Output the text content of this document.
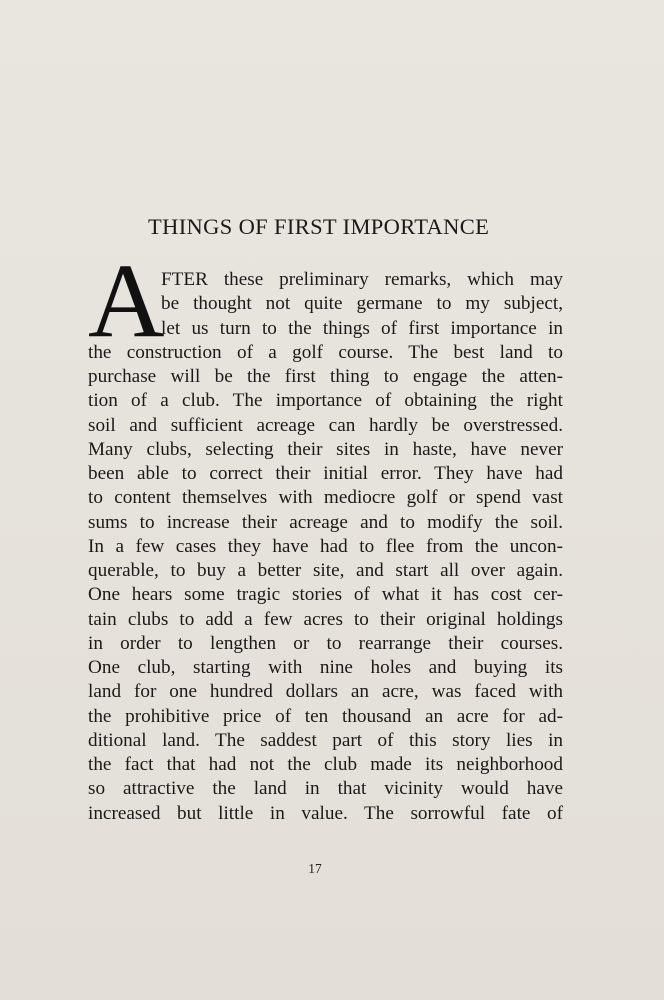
THINGS OF FIRST IMPORTANCE
A
FTER these preliminary remarks, which may
be thought not quite germane to my subject,
let us turn to the things of first importance in
the construction of a golf course. The best land to
purchase will be the first thing to engage the atten-
tion of a club. The importance of obtaining the right
soil and sufficient acreage can hardly be overstressed.
Many clubs, selecting their sites in haste, have never
been able to correct their initial error. They have had
to content themselves with mediocre golf or spend vast
sums to increase their acreage and to modify the soil.
In a few cases they have had to flee from the uncon-
querable, to buy a better site, and start all over again.
One hears some tragic stories of what it has cost cer-
tain clubs to add a few acres to their original holdings
in order to lengthen or to rearrange their courses.
One club, starting with nine holes and buying its
land for one hundred dollars an acre, was faced with
the prohibitive price of ten thousand an acre for ad-
ditional land. The saddest part of this story lies in
the fact that had not the club made its neighborhood
so attractive the land in that vicinity would have
increased but little in value. The sorrowful fate of
17
